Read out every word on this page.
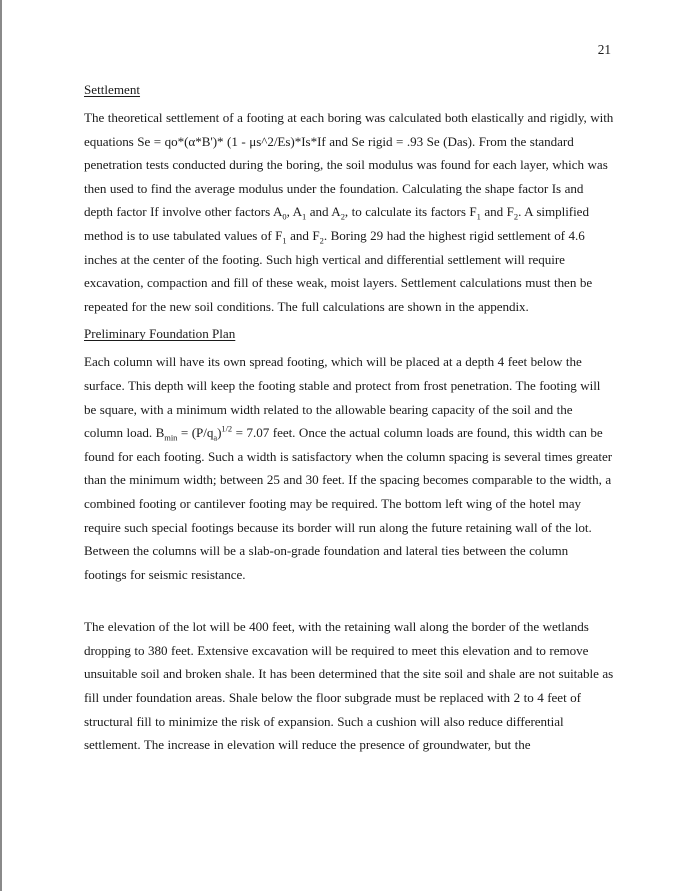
21
Settlement

The theoretical settlement of a footing at each boring was calculated both elastically and rigidly, with equations Se = qo*(α*B')* (1 - μs^2/Es)*Is*If and Se rigid = .93 Se (Das). From the standard penetration tests conducted during the boring, the soil modulus was found for each layer, which was then used to find the average modulus under the foundation. Calculating the shape factor Is and depth factor If involve other factors $A_0$, $A_1$ and $A_2$, to calculate its factors $F_1$ and $F_2$. A simplified method is to use tabulated values of $F_1$ and $F_2$. Boring 29 had the highest rigid settlement of 4.6 inches at the center of the footing. Such high vertical and differential settlement will require excavation, compaction and fill of these weak, moist layers. Settlement calculations must then be repeated for the new soil conditions. The full calculations are shown in the appendix.

Preliminary Foundation Plan

Each column will have its own spread footing, which will be placed at a depth 4 feet below the surface. This depth will keep the footing stable and protect from frost penetration. The footing will be square, with a minimum width related to the allowable bearing capacity of the soil and the column load. $B_{min} = (P/q_a)^{1/2} = 7.07$ feet. Once the actual column loads are found, this width can be found for each footing. Such a width is satisfactory when the column spacing is several times greater than the minimum width; between 25 and 30 feet. If the spacing becomes comparable to the width, a combined footing or cantilever footing may be required. The bottom left wing of the hotel may require such special footings because its border will run along the future retaining wall of the lot. Between the columns will be a slab-on-grade foundation and lateral ties between the column footings for seismic resistance.

The elevation of the lot will be 400 feet, with the retaining wall along the border of the wetlands dropping to 380 feet. Extensive excavation will be required to meet this elevation and to remove unsuitable soil and broken shale. It has been determined that the site soil and shale are not suitable as fill under foundation areas. Shale below the floor subgrade must be replaced with 2 to 4 feet of structural fill to minimize the risk of expansion. Such a cushion will also reduce differential settlement. The increase in elevation will reduce the presence of groundwater, but the
